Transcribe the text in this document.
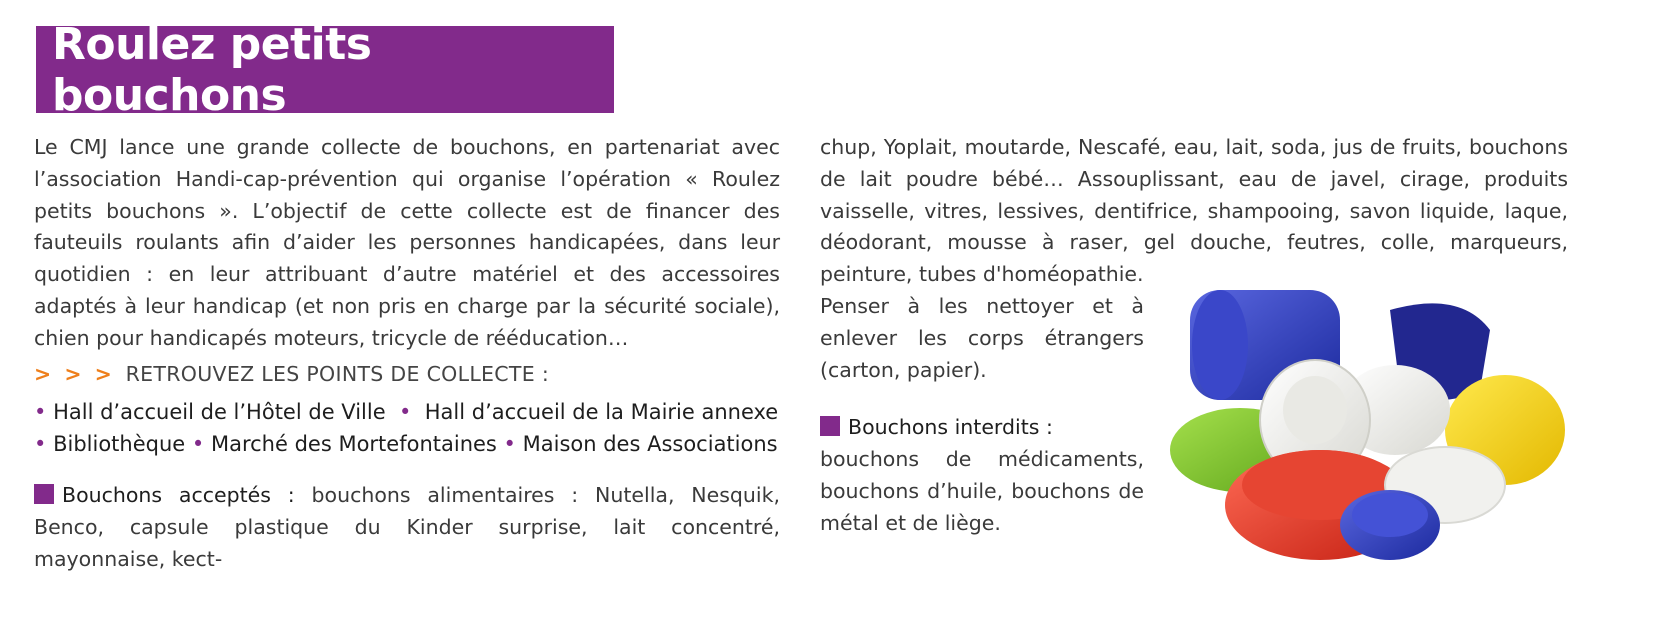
Roulez petits bouchons

Le CMJ lance une grande collecte de bouchons, en partenariat avec l’association Handi-cap-prévention qui organise l’opération « Roulez petits bouchons ». L’objectif de cette collecte est de financer des fauteuils roulants afin d’aider les personnes handicapées, dans leur quotidien : en leur attribuant d’autre matériel et des accessoires adaptés à leur handicap (et non pris en charge par la sécurité sociale), chien pour handicapés moteurs, tricycle de rééducation…

> > > RETROUVEZ LES POINTS DE COLLECTE :
• Hall d’accueil de l’Hôtel de Ville  •  Hall d’accueil de la Mairie annexe
• Bibliothèque • Marché des Mortefontaines • Maison des Associations

Bouchons acceptés : bouchons alimentaires : Nutella, Nesquik, Benco, capsule plastique du Kinder surprise, lait concentré, mayonnaise, kect-

chup, Yoplait, moutarde, Nescafé, eau, lait, soda, jus de fruits, bouchons de lait poudre bébé… Assouplissant, eau de javel, cirage, produits vaisselle, vitres, lessives, dentifrice, shampooing, savon liquide, laque, déodorant, mousse à raser, gel douche, feutres, colle, marqueurs, peinture, tubes d'homéopathie.

Penser à les nettoyer et à enlever les corps étrangers (carton, papier).

Bouchons interdits :

bouchons de médicaments, bouchons d’huile, bouchons de métal et de liège.
